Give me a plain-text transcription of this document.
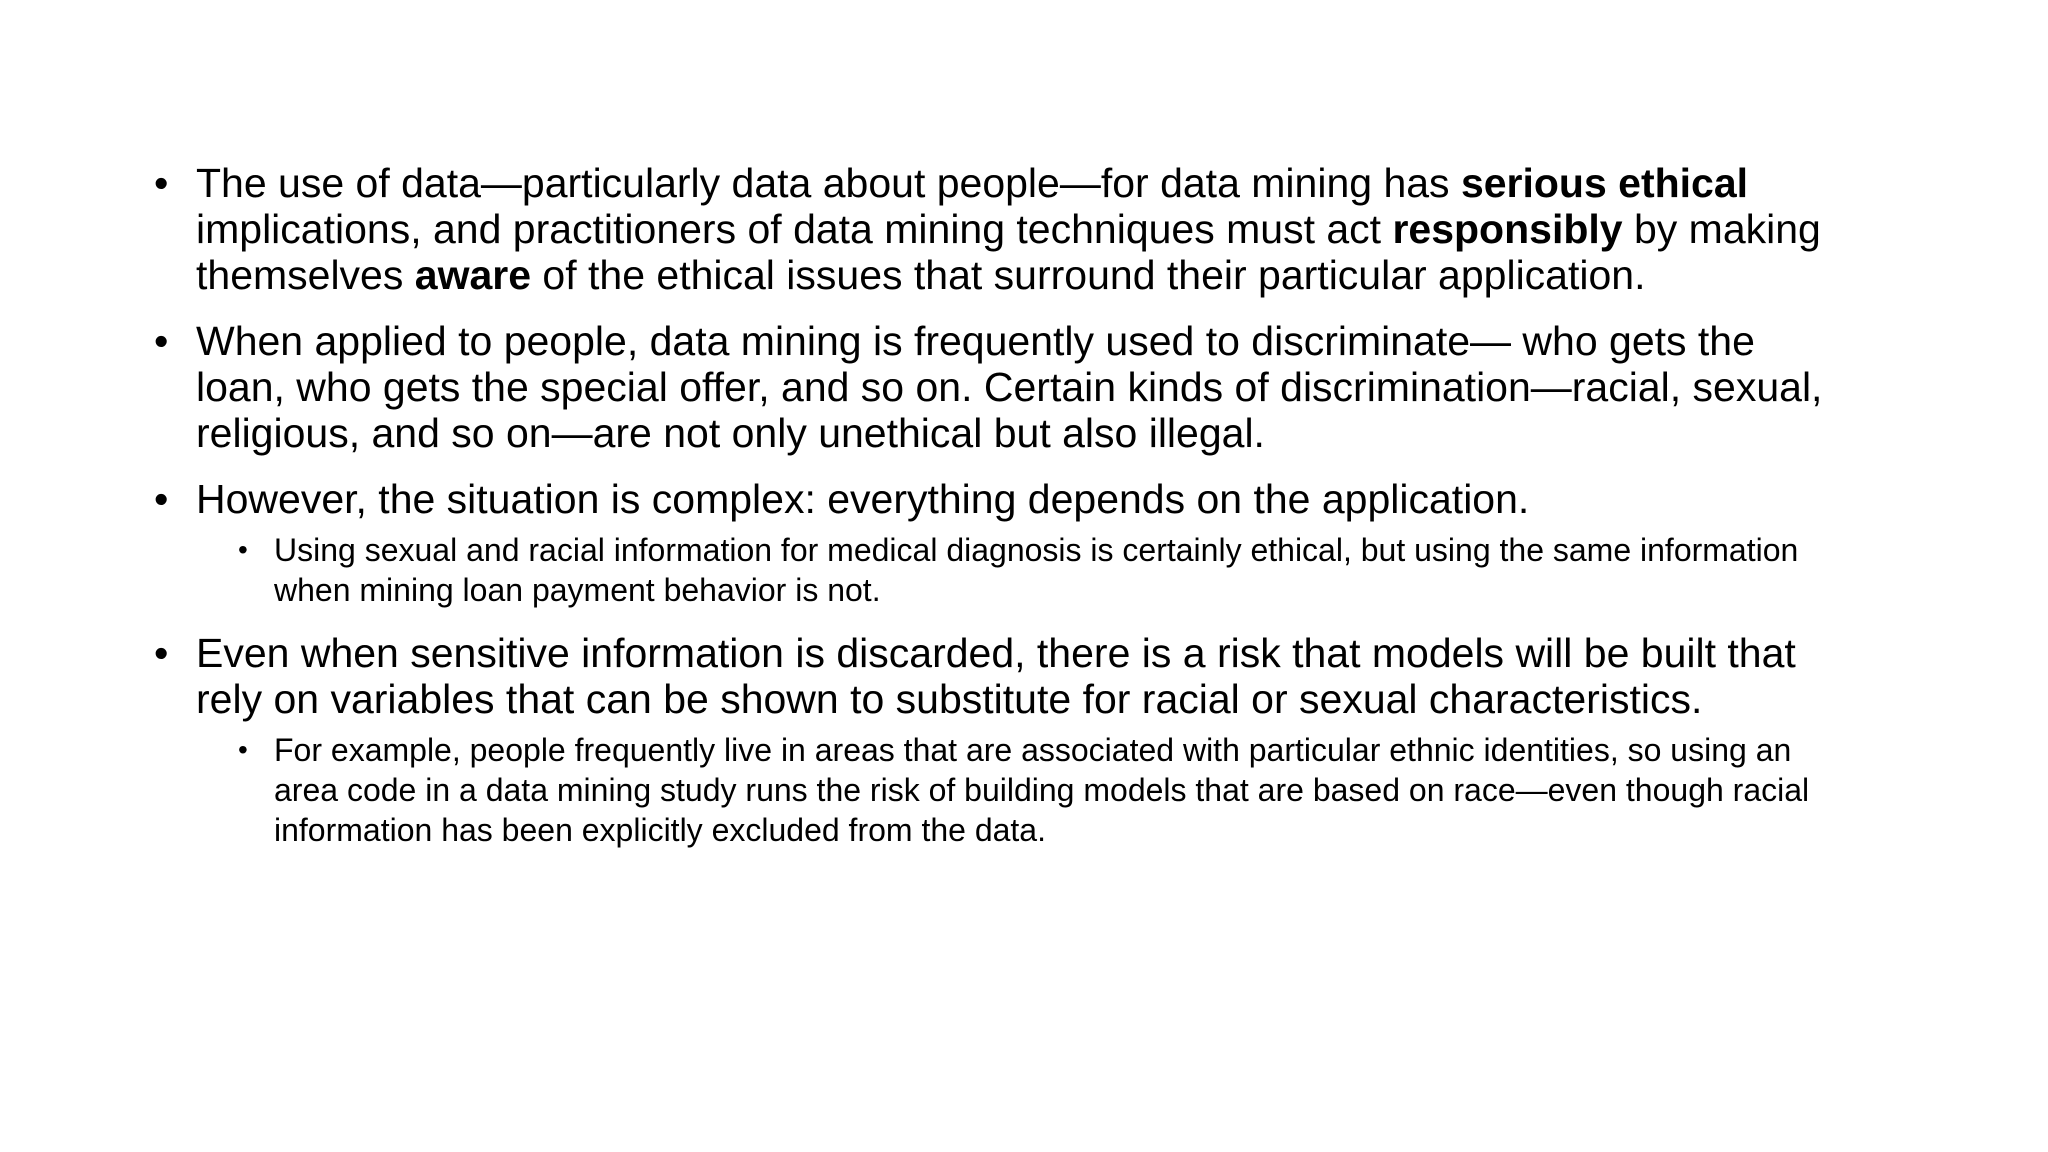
• The use of data—particularly data about people—for data mining has serious ethical implications, and practitioners of data mining techniques must act responsibly by making themselves aware of the ethical issues that surround their particular application.
• When applied to people, data mining is frequently used to discriminate— who gets the loan, who gets the special offer, and so on. Certain kinds of discrimination—racial, sexual, religious, and so on—are not only unethical but also illegal.
• However, the situation is complex: everything depends on the application.
• Using sexual and racial information for medical diagnosis is certainly ethical, but using the same information when mining loan payment behavior is not.
• Even when sensitive information is discarded, there is a risk that models will be built that rely on variables that can be shown to substitute for racial or sexual characteristics.
• For example, people frequently live in areas that are associated with particular ethnic identities, so using an area code in a data mining study runs the risk of building models that are based on race—even though racial information has been explicitly excluded from the data.
